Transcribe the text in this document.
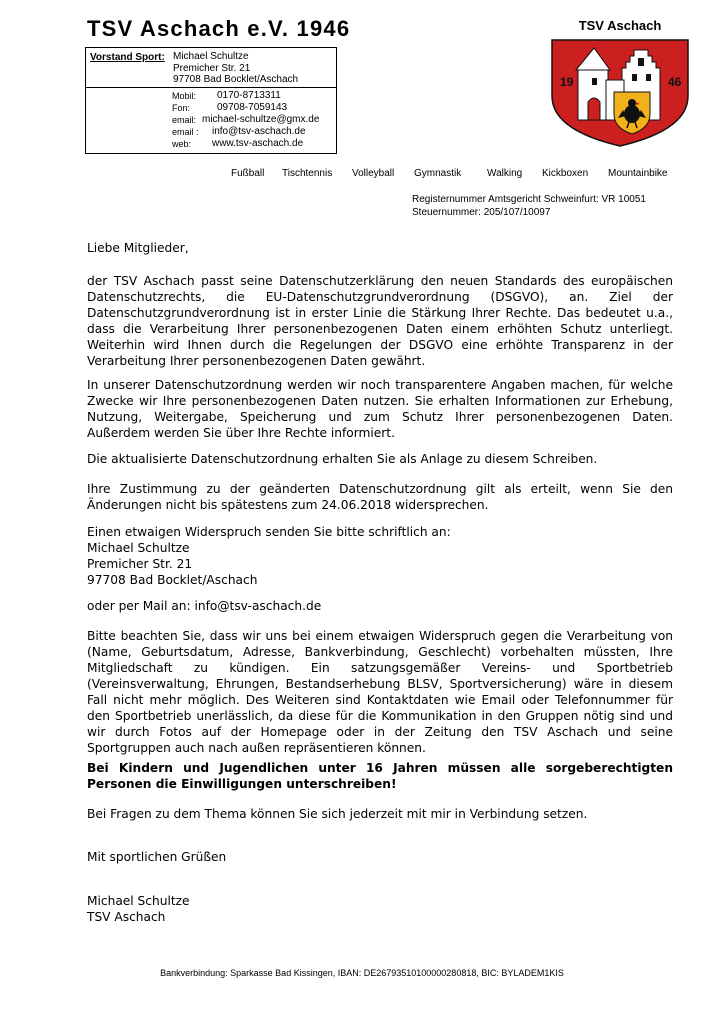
TSV Aschach e.V. 1946
Vorstand Sport: Michael Schultze
Premicher Str. 21
97708 Bad Bocklet/Aschach
Mobil: 0170-8713311
Fon:	09708-7059143
email: michael-schultze@gmx.de
email : info@tsv-aschach.de
web: www.tsv-aschach.de
TSV Aschach
19	46
Fußball Tischtennis Volleyball Gymnastik	Walking Kickboxen Mountainbike
Registernummer Amtsgericht Schweinfurt: VR 10051
Steuernummer: 205/107/10097
Liebe Mitglieder,
der TSV Aschach passt seine Datenschutzerklärung den neuen Standards des europäischen Datenschutzrechts, die EU-Datenschutzgrundverordnung (DSGVO), an. Ziel der Datenschutzgrundverordnung ist in erster Linie die Stärkung Ihrer Rechte. Das bedeutet u.a., dass die Verarbeitung Ihrer personenbezogenen Daten einem erhöhten Schutz unterliegt. Weiterhin wird Ihnen durch die Regelungen der DSGVO eine erhöhte Transparenz in der Verarbeitung Ihrer personenbezogenen Daten gewährt.
In unserer Datenschutzordnung werden wir noch transparentere Angaben machen, für welche Zwecke wir Ihre personenbezogenen Daten nutzen. Sie erhalten Informationen zur Erhebung, Nutzung, Weitergabe, Speicherung und zum Schutz Ihrer personenbezogenen Daten. Außerdem werden Sie über Ihre Rechte informiert.
Die aktualisierte Datenschutzordnung erhalten Sie als Anlage zu diesem Schreiben.
Ihre Zustimmung zu der geänderten Datenschutzordnung gilt als erteilt, wenn Sie den Änderungen nicht bis spätestens zum 24.06.2018 widersprechen.
Einen etwaigen Widerspruch senden Sie bitte schriftlich an:
Michael Schultze
Premicher Str. 21
97708 Bad Bocklet/Aschach
oder per Mail an: info@tsv-aschach.de
Bitte beachten Sie, dass wir uns bei einem etwaigen Widerspruch gegen die Verarbeitung von (Name, Geburtsdatum, Adresse, Bankverbindung, Geschlecht) vorbehalten müssten, Ihre Mitgliedschaft zu kündigen. Ein satzungsgemäßer Vereins- und Sportbetrieb (Vereinsverwaltung, Ehrungen, Bestandserhebung BLSV, Sportversicherung) wäre in diesem Fall nicht mehr möglich. Des Weiteren sind Kontaktdaten wie Email oder Telefonnummer für den Sportbetrieb unerlässlich, da diese für die Kommunikation in den Gruppen nötig sind und wir durch Fotos auf der Homepage oder in der Zeitung den TSV Aschach und seine Sportgruppen auch nach außen repräsentieren können.
Bei Kindern und Jugendlichen unter 16 Jahren müssen alle sorgeberechtigten Personen die Einwilligungen unterschreiben!
Bei Fragen zu dem Thema können Sie sich jederzeit mit mir in Verbindung setzen.
Mit sportlichen Grüßen
Michael Schultze
TSV Aschach
Bankverbindung: Sparkasse Bad Kissingen, IBAN: DE26793510100000280818, BIC: BYLADEM1KIS
